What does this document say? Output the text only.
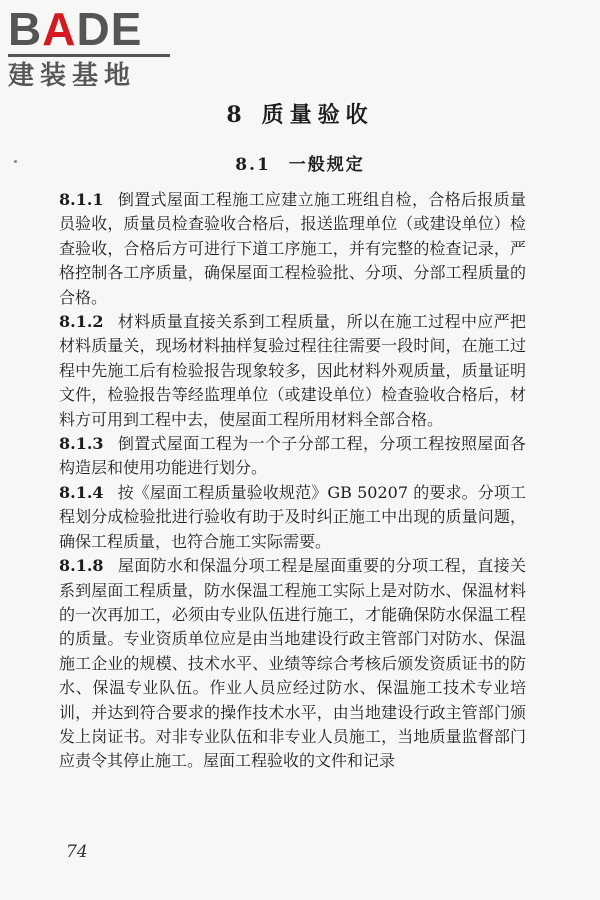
BADE
建装基地
8 质量验收
8.1 一般规定

8.1.1 倒置式屋面工程施工应建立施工班组自检，合格后报质量员验收，质量员检查验收合格后，报送监理单位（或建设单位）检查验收，合格后方可进行下道工序施工，并有完整的检查记录，严格控制各工序质量，确保屋面工程检验批、分项、分部工程质量的合格。

8.1.2 材料质量直接关系到工程质量，所以在施工过程中应严把材料质量关，现场材料抽样复验过程往往需要一段时间，在施工过程中先施工后有检验报告现象较多，因此材料外观质量，质量证明文件，检验报告等经监理单位（或建设单位）检查验收合格后，材料方可用到工程中去，使屋面工程所用材料全部合格。

8.1.3 倒置式屋面工程为一个子分部工程，分项工程按照屋面各构造层和使用功能进行划分。

8.1.4 按《屋面工程质量验收规范》GB 50207 的要求。分项工程划分成检验批进行验收有助于及时纠正施工中出现的质量问题，确保工程质量，也符合施工实际需要。

8.1.8 屋面防水和保温分项工程是屋面重要的分项工程，直接关系到屋面工程质量，防水保温工程施工实际上是对防水、保温材料的一次再加工，必须由专业队伍进行施工，才能确保防水保温工程的质量。专业资质单位应是由当地建设行政主管部门对防水、保温施工企业的规模、技术水平、业绩等综合考核后颁发资质证书的防水、保温专业队伍。作业人员应经过防水、保温施工技术专业培训，并达到符合要求的操作技术水平，由当地建设行政主管部门颁发上岗证书。对非专业队伍和非专业人员施工，当地质量监督部门应责令其停止施工。屋面工程验收的文件和记录

74
